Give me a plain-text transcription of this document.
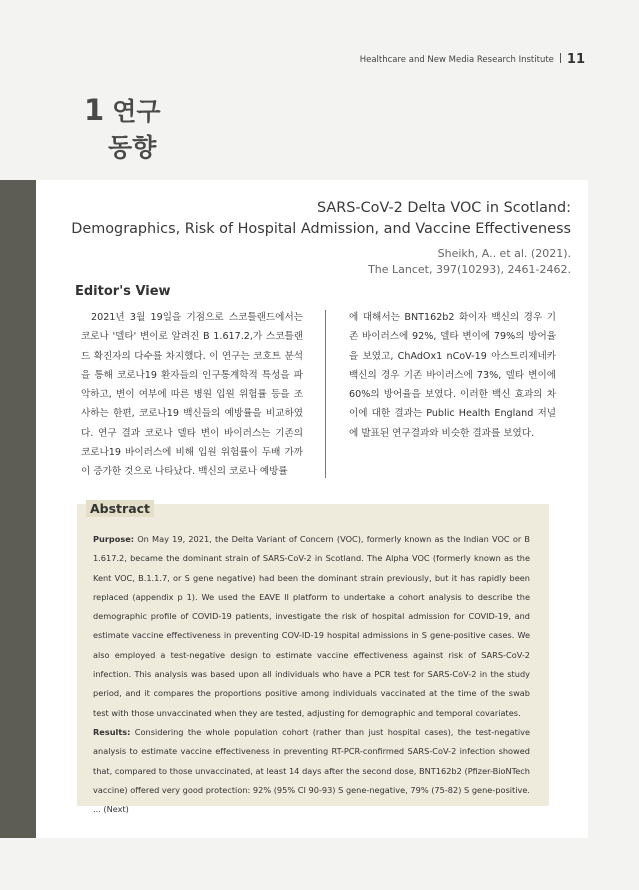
Healthcare and New Media Research Institute 11
1 연구
동향
SARS-CoV-2 Delta VOC in Scotland:
Demographics, Risk of Hospital Admission, and Vaccine Effectiveness
Sheikh, A.. et al. (2021).
The Lancet, 397(10293), 2461-2462.
Editor's View

2021년 3월 19일을 기점으로 스코틀랜드에서는 코로나 '델타' 변이로 알려진 B 1.617.2,가 스코틀랜드 확진자의 다수를 차지했다. 이 연구는 코호트 분석을 통해 코로나19 환자들의 인구통계학적 특성을 파악하고, 변이 여부에 따른 병원 입원 위험률 등을 조사하는 한편, 코로나19 백신들의 예방률을 비교하였다. 연구 결과 코로나 델타 변이 바이러스는 기존의 코로나19 바이러스에 비해 입원 위험률이 두배 가까이 증가한 것으로 나타났다. 백신의 코로나 예방률

에 대해서는 BNT162b2 화이자 백신의 경우 기존 바이러스에 92%, 델타 변이에 79%의 방어율을 보였고, ChAdOx1 nCoV-19 아스트리제네카 백신의 경우 기존 바이러스에 73%, 델타 변이에 60%의 방어율을 보였다. 이러한 백신 효과의 차이에 대한 결과는 Public Health England 저널에 발표된 연구결과와 비슷한 결과를 보였다.

Abstract

Purpose: On May 19, 2021, the Delta Variant of Concern (VOC), formerly known as the Indian VOC or B 1.617.2, became the dominant strain of SARS-CoV-2 in Scotland. The Alpha VOC (formerly known as the Kent VOC, B.1.1.7, or S gene negative) had been the dominant strain previously, but it has rapidly been replaced (appendix p 1). We used the EAVE II platform to undertake a cohort analysis to describe the demographic profile of COVID-19 patients, investigate the risk of hospital admission for COVID-19, and estimate vaccine effectiveness in preventing COV-ID-19 hospital admissions in S gene-positive cases. We also employed a test-negative design to estimate vaccine effectiveness against risk of SARS-CoV-2 infection. This analysis was based upon all individuals who have a PCR test for SARS-CoV-2 in the study period, and it compares the proportions positive among individuals vaccinated at the time of the swab test with those unvaccinated when they are tested, adjusting for demographic and temporal covariates.

Results: Considering the whole population cohort (rather than just hospital cases), the test-negative analysis to estimate vaccine effectiveness in preventing RT-PCR-confirmed SARS-CoV-2 infection showed that, compared to those unvaccinated, at least 14 days after the second dose, BNT162b2 (Pfizer-BioNTech vaccine) offered very good protection: 92% (95% CI 90-93) S gene-negative, 79% (75-82) S gene-positive. ... (Next)
